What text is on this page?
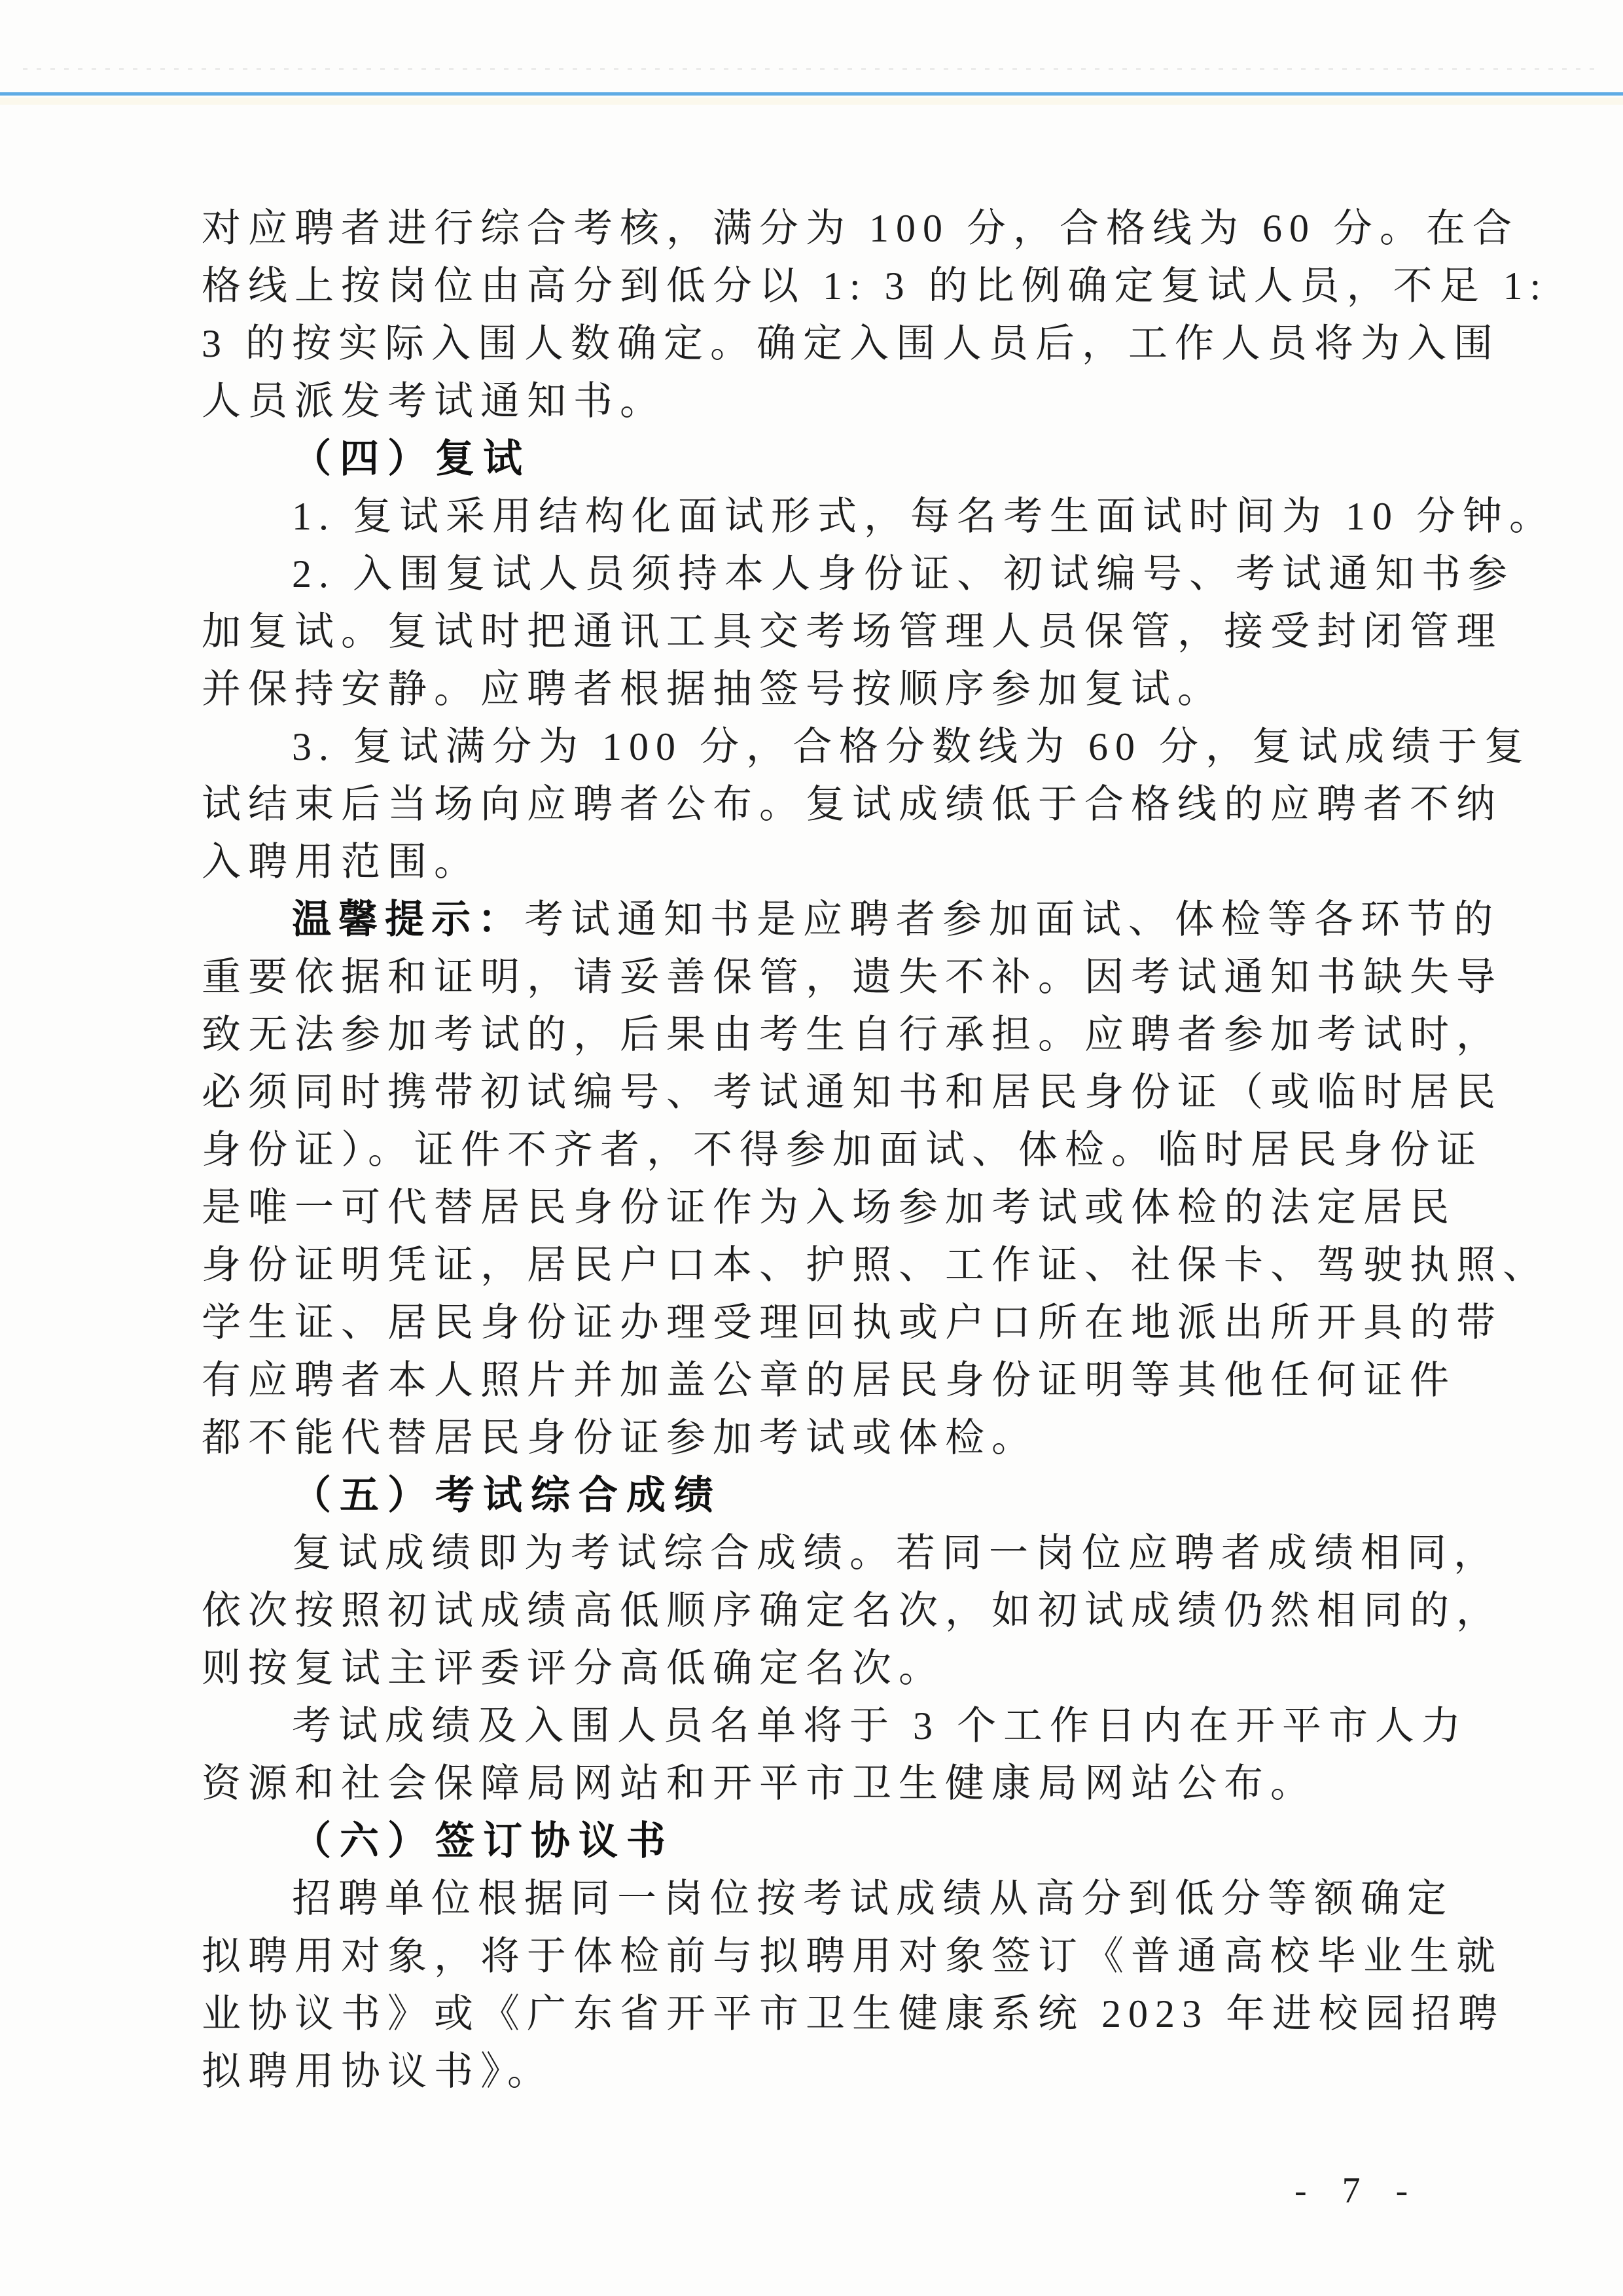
对应聘者进行综合考核，满分为 100 分，合格线为 60 分。在合
格线上按岗位由高分到低分以 1: 3 的比例确定复试人员，不足 1:
3 的按实际入围人数确定。确定入围人员后，工作人员将为入围
人员派发考试通知书。
（四）复试
1. 复试采用结构化面试形式，每名考生面试时间为 10 分钟。
2. 入围复试人员须持本人身份证、初试编号、考试通知书参
加复试。复试时把通讯工具交考场管理人员保管，接受封闭管理
并保持安静。应聘者根据抽签号按顺序参加复试。
3. 复试满分为 100 分，合格分数线为 60 分，复试成绩于复
试结束后当场向应聘者公布。复试成绩低于合格线的应聘者不纳
入聘用范围。
温馨提示：考试通知书是应聘者参加面试、体检等各环节的
重要依据和证明，请妥善保管，遗失不补。因考试通知书缺失导
致无法参加考试的，后果由考生自行承担。应聘者参加考试时，
必须同时携带初试编号、考试通知书和居民身份证（或临时居民
身份证）。证件不齐者，不得参加面试、体检。临时居民身份证
是唯一可代替居民身份证作为入场参加考试或体检的法定居民
身份证明凭证，居民户口本、护照、工作证、社保卡、驾驶执照、
学生证、居民身份证办理受理回执或户口所在地派出所开具的带
有应聘者本人照片并加盖公章的居民身份证明等其他任何证件
都不能代替居民身份证参加考试或体检。
（五）考试综合成绩
复试成绩即为考试综合成绩。若同一岗位应聘者成绩相同，
依次按照初试成绩高低顺序确定名次，如初试成绩仍然相同的，
则按复试主评委评分高低确定名次。
考试成绩及入围人员名单将于 3 个工作日内在开平市人力
资源和社会保障局网站和开平市卫生健康局网站公布。
（六）签订协议书
招聘单位根据同一岗位按考试成绩从高分到低分等额确定
拟聘用对象，将于体检前与拟聘用对象签订《普通高校毕业生就
业协议书》或《广东省开平市卫生健康系统 2023 年进校园招聘
拟聘用协议书》。
- 7 -
